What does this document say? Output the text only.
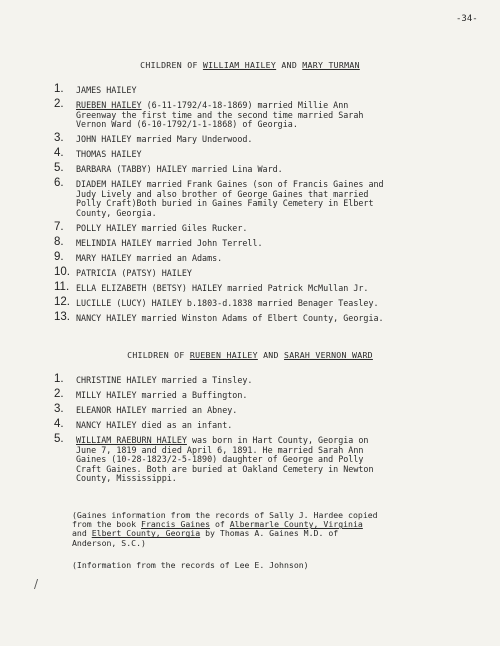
-34-
CHILDREN OF WILLIAM HAILEY AND MARY TURMAN
1.	JAMES HAILEY
2.	RUEBEN HAILEY (6-11-1792/4-18-1869) married Millie Ann
Greenway the first time and the second time married Sarah
Vernon Ward (6-10-1792/1-1-1868) of Georgia.
3.	JOHN HAILEY married Mary Underwood.
4.	THOMAS HAILEY
5.	BARBARA (TABBY) HAILEY married Lina Ward.
6.	DIADEM HAILEY married Frank Gaines (son of Francis Gaines and
Judy Lively and also brother of George Gaines that married
Polly Craft)Both buried in Gaines Family Cemetery in Elbert
County, Georgia.
7.	POLLY HAILEY married Giles Rucker.
8.	MELINDIA HAILEY married John Terrell.
9.	MARY HAILEY married an Adams.
10. PATRICIA (PATSY) HAILEY
11. ELLA ELIZABETH (BETSY) HAILEY married Patrick McMullan Jr.
12. LUCILLE (LUCY) HAILEY b.1803-d.1838 married Benager Teasley.
13. NANCY HAILEY married Winston Adams of Elbert County, Georgia.
CHILDREN OF RUEBEN HAILEY AND SARAH VERNON WARD
1.	CHRISTINE HAILEY married a Tinsley.
2.	MILLY HAILEY married a Buffington.
3.	ELEANOR HAILEY married an Abney.
4.	NANCY HAILEY died as an infant.
5.	WILLIAM RAEBURN HAILEY was born in Hart County, Georgia on
June 7, 1819 and died April 6, 1891. He married Sarah Ann
Gaines (10-28-1823/2-5-1890) daughter of George and Polly
Craft Gaines. Both are buried at Oakland Cemetery in Newton
County, Mississippi.
(Gaines information from the records of Sally J. Hardee copied
from the book Francis Gaines of Albermarle County, Virginia
and Elbert County, Georgia by Thomas A. Gaines M.D. of
Anderson, S.C.)
(Information from the records of Lee E. Johnson)
/
